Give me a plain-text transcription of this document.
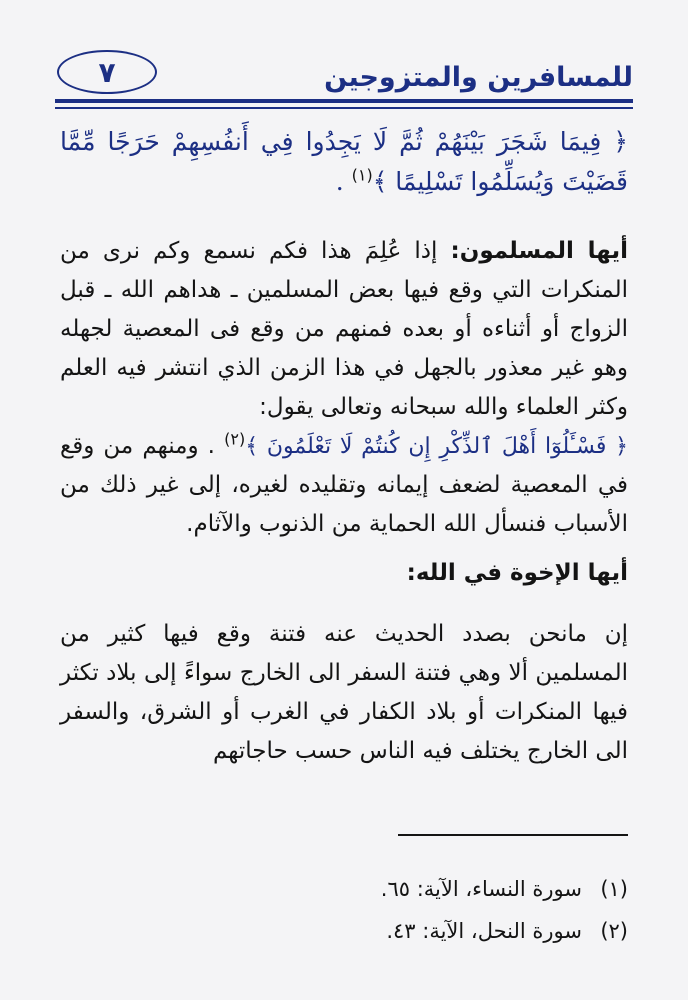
للمسافرين والمتزوجين
٧

﴿ فِيمَا شَجَرَ بَيْنَهُمْ ثُمَّ لَا يَجِدُوا فِي أَنفُسِهِمْ حَرَجًا مِّمَّا قَضَيْتَ وَيُسَلِّمُوا تَسْلِيمًا ﴾$^{(١)}$ .

أيها المسلمون: إذا عُلِمَ هذا فكم نسمع وكم نرى من المنكرات التي وقع فيها بعض المسلمين ـ هداهم الله ـ قبل الزواج أو أثناءه أو بعده فمنهم من وقع فى المعصية لجهله وهو غير معذور بالجهل في هذا الزمن الذي انتشر فيه العلم وكثر العلماء والله سبحانه وتعالى يقول:
﴿ فَسْـَٔلُوٓا أَهْلَ ٱلذِّكْرِ إِن كُنتُمْ لَا تَعْلَمُونَ ﴾$^{(٢)}$ . ومنهم من وقع في المعصية لضعف إيمانه وتقليده لغيره، إلى غير ذلك من الأسباب فنسأل الله الحماية من الذنوب والآثام.

أيها الإخوة في الله:

إن مانحن بصدد الحديث عنه فتنة وقع فيها كثير من المسلمين ألا وهي فتنة السفر الى الخارج سواءً إلى بلاد تكثر فيها المنكرات أو بلاد الكفار في الغرب أو الشرق، والسفر الى الخارج يختلف فيه الناس حسب حاجاتهم

(١)
سورة النساء، الآية: ٦٥.
(٢)
سورة النحل، الآية: ٤٣.
